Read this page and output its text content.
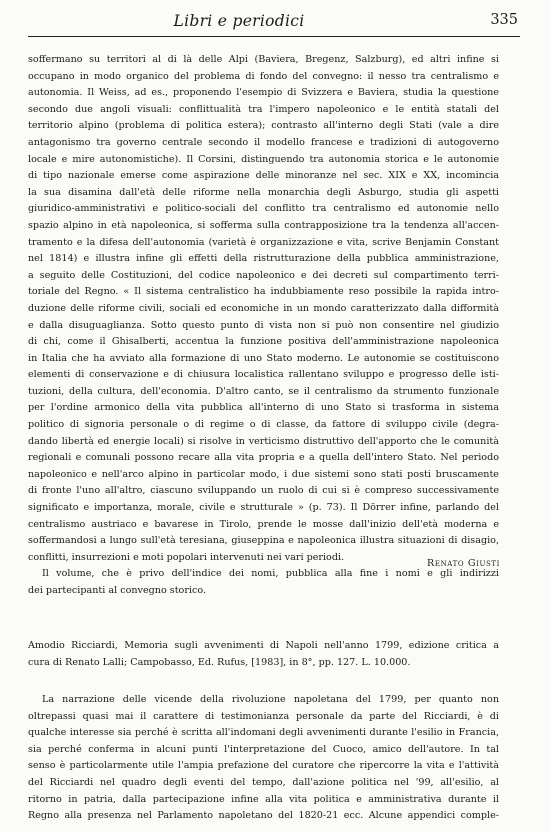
Libri e periodici	335
soffermano su territori al di là delle Alpi (Baviera, Bregenz, Salzburg), ed altri infine si
occupano in modo organico del problema di fondo del convegno: il nesso tra centralismo e
autonomia. Il Weiss, ad es., proponendo l'esempio di Svizzera e Baviera, studia la questione
secondo due angoli visuali: conflittualità tra l'impero napoleonico e le entità statali del
territorio alpino (problema di politica estera); contrasto all'interno degli Stati (vale a dire
antagonismo tra governo centrale secondo il modello francese e tradizioni di autogoverno
locale e mire autonomistiche). Il Corsini, distinguendo tra autonomia storica e le autonomie
di tipo nazionale emerse come aspirazione delle minoranze nel sec. XIX e XX, incomincia
la sua disamina dall'età delle riforme nella monarchia degli Asburgo, studia gli aspetti
giuridico-amministrativi e politico-sociali del conflitto tra centralismo ed autonomie nello
spazio alpino in età napoleonica, si sofferma sulla contrapposizione tra la tendenza all'accen-
tramento e la difesa dell'autonomia (varietà è organizzazione e vita, scrive Benjamin Constant
nel 1814) e illustra infine gli effetti della ristrutturazione della pubblica amministrazione,
a seguito delle Costituzioni, del codice napoleonico e dei decreti sul compartimento terri-
toriale del Regno. « Il sistema centralistico ha indubbiamente reso possibile la rapida intro-
duzione delle riforme civili, sociali ed economiche in un mondo caratterizzato dalla difformità
e dalla disuguaglianza. Sotto questo punto di vista non si può non consentire nel giudizio
di chi, come il Ghisalberti, accentua la funzione positiva dell'amministrazione napoleonica
in Italia che ha avviato alla formazione di uno Stato moderno. Le autonomie se costituiscono
elementi di conservazione e di chiusura localistica rallentano sviluppo e progresso delle isti-
tuzioni, della cultura, dell'economia. D'altro canto, se il centralismo da strumento funzionale
per l'ordine armonico della vita pubblica all'interno di uno Stato si trasforma in sistema
politico di signoria personale o di regime o di classe, da fattore di sviluppo civile (degra-
dando libertà ed energie locali) si risolve in verticismo distruttivo dell'apporto che le comunità
regionali e comunali possono recare alla vita propria e a quella dell'intero Stato. Nel periodo
napoleonico e nell'arco alpino in particolar modo, i due sistemi sono stati posti bruscamente
di fronte l'uno all'altro, ciascuno sviluppando un ruolo di cui si è compreso successivamente
significato e importanza, morale, civile e strutturale » (p. 73). Il Dörrer infine, parlando del
centralismo austriaco e bavarese in Tirolo, prende le mosse dall'inizio dell'età moderna e
soffermandosi a lungo sull'età teresiana, giuseppina e napoleonica illustra situazioni di disagio,
conflitti, insurrezioni e moti popolari intervenuti nei vari periodi.
Il volume, che è privo dell'indice dei nomi, pubblica alla fine i nomi e gli indirizzi
dei partecipanti al convegno storico.
Renato Giusti
Amodio Ricciardi, Memoria sugli avvenimenti di Napoli nell'anno 1799, edizione critica a
cura di Renato Lalli; Campobasso, Ed. Rufus, [1983], in 8°, pp. 127. L. 10.000.
La narrazione delle vicende della rivoluzione napoletana del 1799, per quanto non
oltrepassi quasi mai il carattere di testimonianza personale da parte del Ricciardi, è di
qualche interesse sia perché è scritta all'indomani degli avvenimenti durante l'esilio in Francia,
sia perché conferma in alcuni punti l'interpretazione del Cuoco, amico dell'autore. In tal
senso è particolarmente utile l'ampia prefazione del curatore che ripercorre la vita e l'attività
del Ricciardi nel quadro degli eventi del tempo, dall'azione politica nel '99, all'esilio, al
ritorno in patria, dalla partecipazione infine alla vita politica e amministrativa durante il
Regno alla presenza nel Parlamento napoletano del 1820-21 ecc. Alcune appendici comple-
